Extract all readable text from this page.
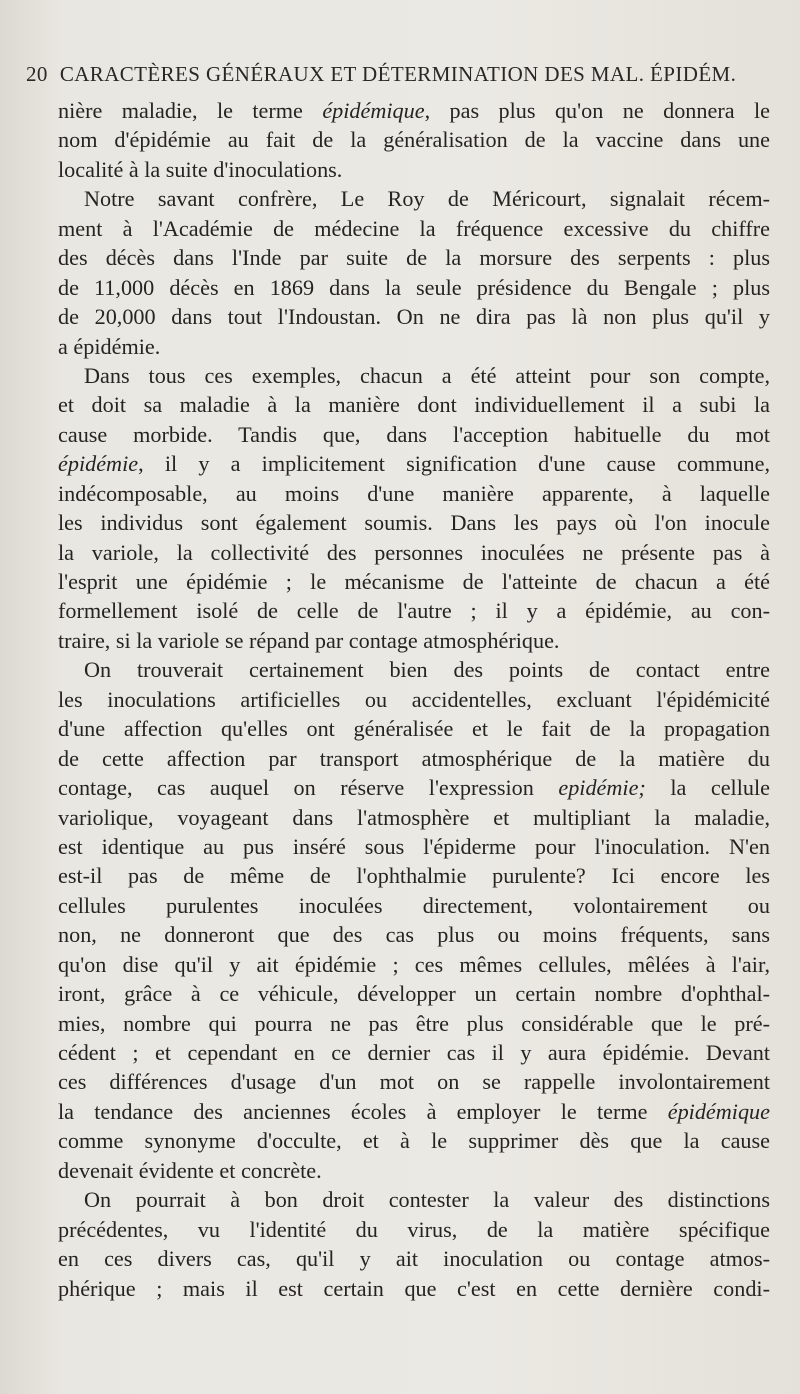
20 CARACTÈRES GÉNÉRAUX ET DÉTERMINATION DES MAL. ÉPIDÉM.
nière maladie, le terme épidémique, pas plus qu'on ne donnera le
nom d'épidémie au fait de la généralisation de la vaccine dans une
localité à la suite d'inoculations.
Notre savant confrère, Le Roy de Méricourt, signalait récem-
ment à l'Académie de médecine la fréquence excessive du chiffre
des décès dans l'Inde par suite de la morsure des serpents : plus
de 11,000 décès en 1869 dans la seule présidence du Bengale ; plus
de 20,000 dans tout l'Indoustan. On ne dira pas là non plus qu'il y
a épidémie.
Dans tous ces exemples, chacun a été atteint pour son compte,
et doit sa maladie à la manière dont individuellement il a subi la
cause morbide. Tandis que, dans l'acception habituelle du mot
épidémie, il y a implicitement signification d'une cause commune,
indécomposable, au moins d'une manière apparente, à laquelle
les individus sont également soumis. Dans les pays où l'on inocule
la variole, la collectivité des personnes inoculées ne présente pas à
l'esprit une épidémie ; le mécanisme de l'atteinte de chacun a été
formellement isolé de celle de l'autre ; il y a épidémie, au con-
traire, si la variole se répand par contage atmosphérique.
On trouverait certainement bien des points de contact entre
les inoculations artificielles ou accidentelles, excluant l'épidémicité
d'une affection qu'elles ont généralisée et le fait de la propagation
de cette affection par transport atmosphérique de la matière du
contage, cas auquel on réserve l'expression epidémie; la cellule
variolique, voyageant dans l'atmosphère et multipliant la maladie,
est identique au pus inséré sous l'épiderme pour l'inoculation. N'en
est-il pas de même de l'ophthalmie purulente? Ici encore les
cellules purulentes inoculées directement, volontairement ou
non, ne donneront que des cas plus ou moins fréquents, sans
qu'on dise qu'il y ait épidémie ; ces mêmes cellules, mêlées à l'air,
iront, grâce à ce véhicule, développer un certain nombre d'ophthal-
mies, nombre qui pourra ne pas être plus considérable que le pré-
cédent ; et cependant en ce dernier cas il y aura épidémie. Devant
ces différences d'usage d'un mot on se rappelle involontairement
la tendance des anciennes écoles à employer le terme épidémique
comme synonyme d'occulte, et à le supprimer dès que la cause
devenait évidente et concrète.
On pourrait à bon droit contester la valeur des distinctions
précédentes, vu l'identité du virus, de la matière spécifique
en ces divers cas, qu'il y ait inoculation ou contage atmos-
phérique ; mais il est certain que c'est en cette dernière condi-
